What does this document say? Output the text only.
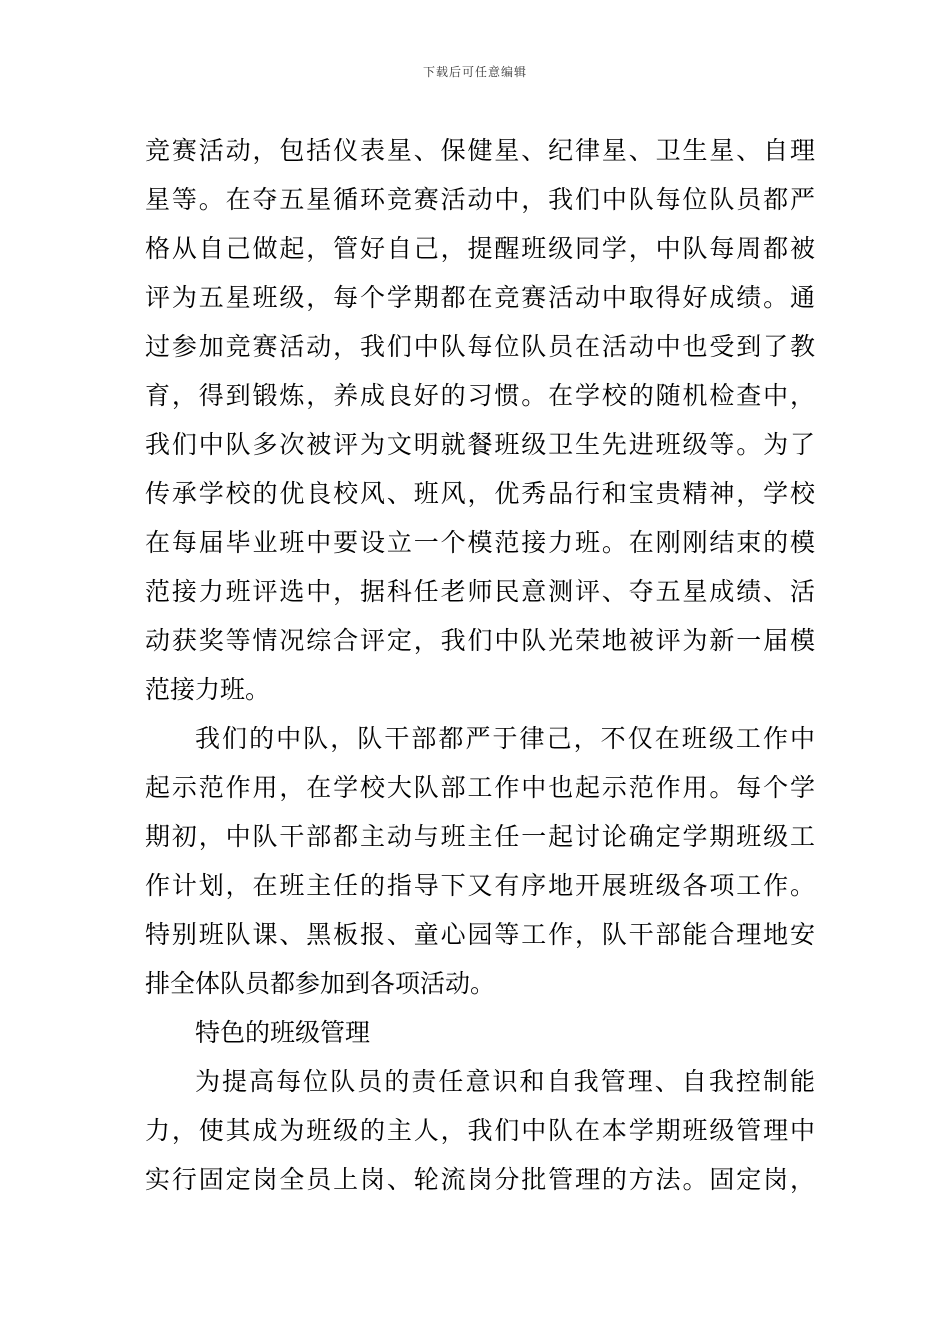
下载后可任意编辑
竞赛活动，包括仪表星、保健星、纪律星、卫生星、自理
星等。在夺五星循环竞赛活动中，我们中队每位队员都严
格从自己做起，管好自己，提醒班级同学，中队每周都被
评为五星班级，每个学期都在竞赛活动中取得好成绩。通
过参加竞赛活动，我们中队每位队员在活动中也受到了教
育，得到锻炼，养成良好的习惯。在学校的随机检查中，
我们中队多次被评为文明就餐班级卫生先进班级等。为了
传承学校的优良校风、班风，优秀品行和宝贵精神，学校
在每届毕业班中要设立一个模范接力班。在刚刚结束的模
范接力班评选中，据科任老师民意测评、夺五星成绩、活
动获奖等情况综合评定，我们中队光荣地被评为新一届模
范接力班。
我们的中队，队干部都严于律己，不仅在班级工作中
起示范作用，在学校大队部工作中也起示范作用。每个学
期初，中队干部都主动与班主任一起讨论确定学期班级工
作计划，在班主任的指导下又有序地开展班级各项工作。
特别班队课、黑板报、童心园等工作，队干部能合理地安
排全体队员都参加到各项活动。
特色的班级管理
为提高每位队员的责任意识和自我管理、自我控制能
力，使其成为班级的主人，我们中队在本学期班级管理中
实行固定岗全员上岗、轮流岗分批管理的方法。固定岗，
